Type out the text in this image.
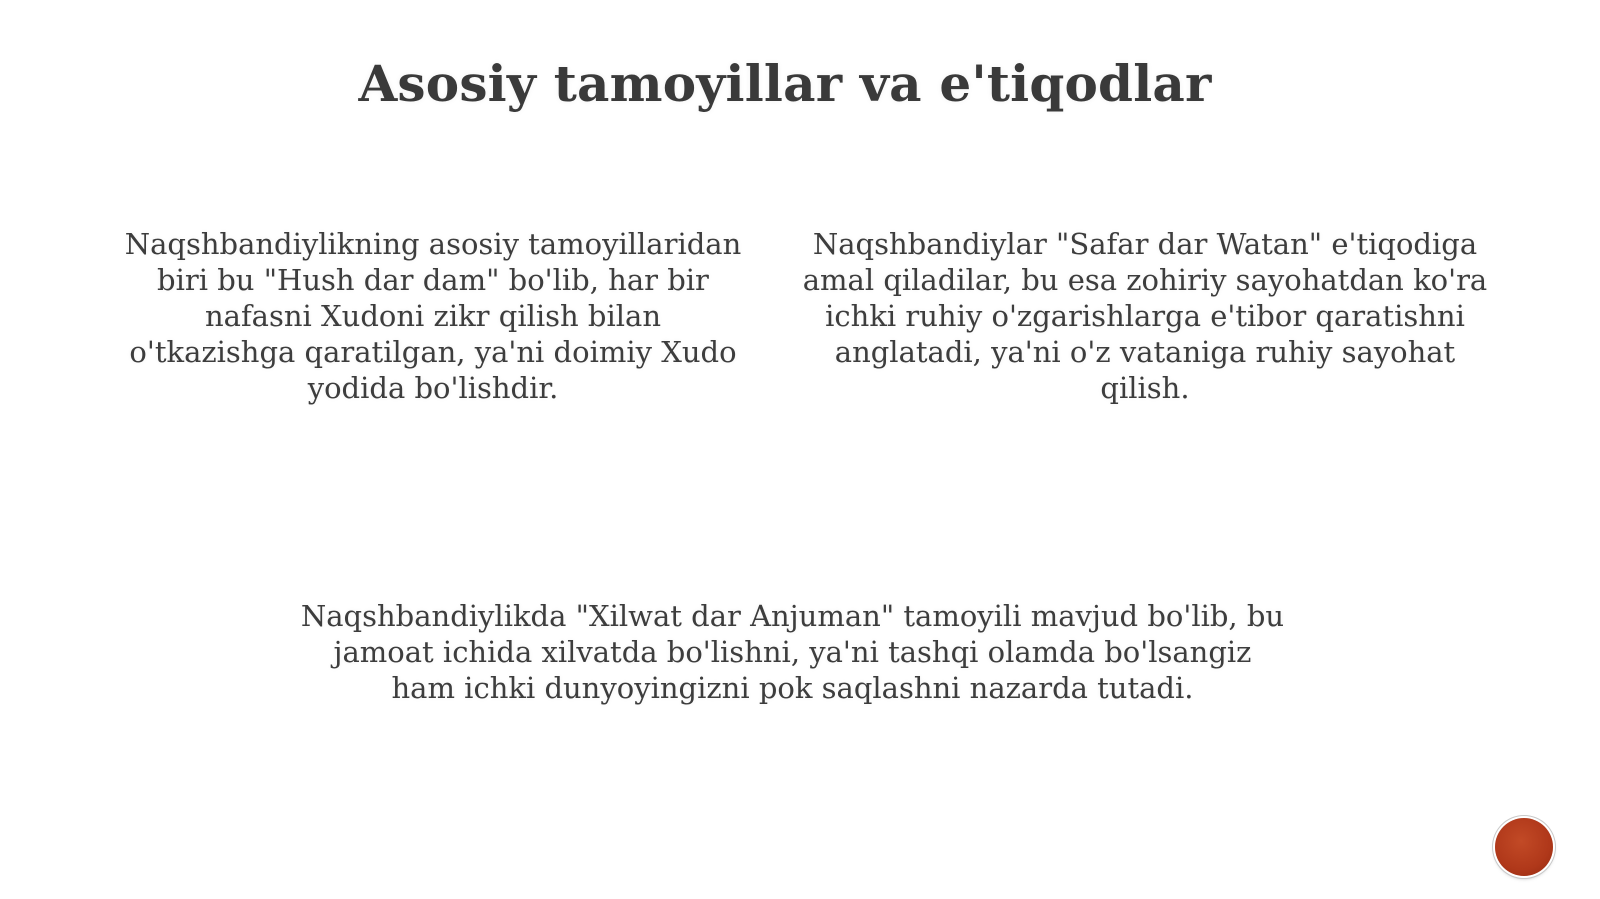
Asosiy tamoyillar va e'tiqodlar
Naqshbandiylikning asosiy tamoyillaridan biri bu "Hush dar dam" bo'lib, har bir nafasni Xudoni zikr qilish bilan o'tkazishga qaratilgan, ya'ni doimiy Xudo yodida bo'lishdir.
Naqshbandiylar "Safar dar Watan" e'tiqodiga amal qiladilar, bu esa zohiriy sayohatdan ko'ra ichki ruhiy o'zgarishlarga e'tibor qaratishni anglatadi, ya'ni o'z vataniga ruhiy sayohat qilish.
Naqshbandiylikda "Xilwat dar Anjuman" tamoyili mavjud bo'lib, bu jamoat ichida xilvatda bo'lishni, ya'ni tashqi olamda bo'lsangiz ham ichki dunyoyingizni pok saqlashni nazarda tutadi.
